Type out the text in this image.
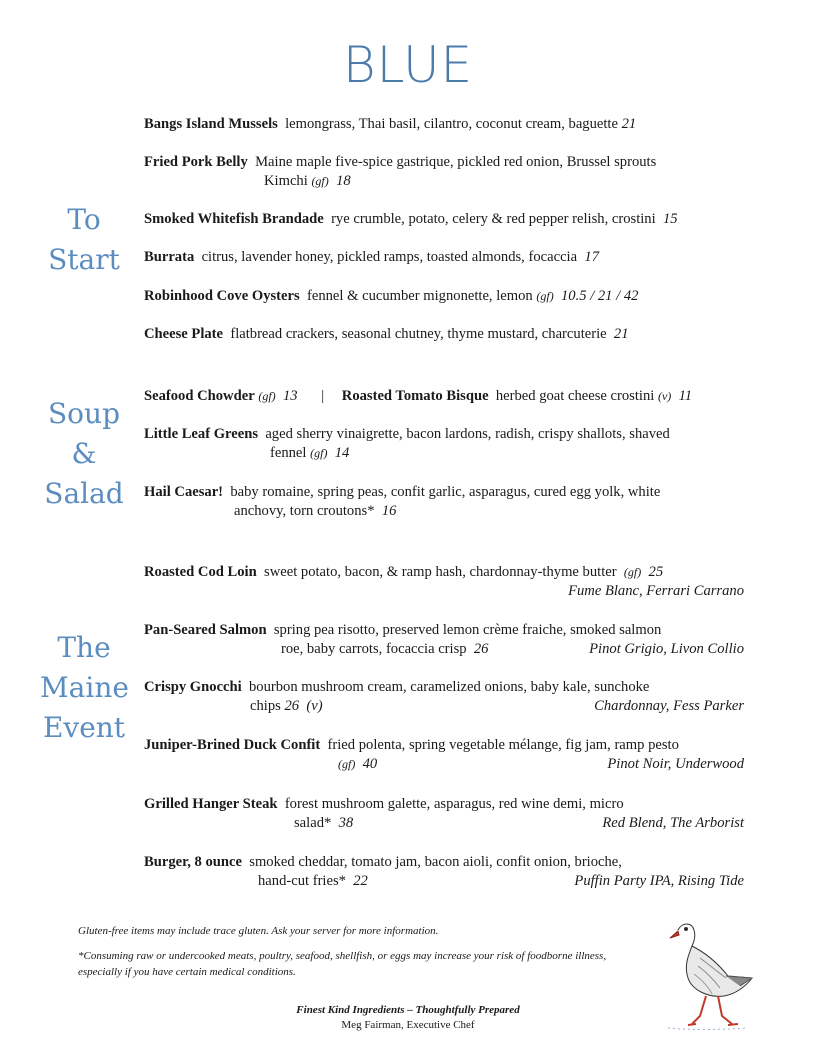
BLUE
To
Start
Soup
&
Salad
The
Maine
Event
Bangs Island Mussels lemongrass, Thai basil, cilantro, coconut cream, baguette 21
Fried Pork Belly Maine maple five-spice gastrique, pickled red onion, Brussel sprouts
Kimchi (gf) 18
Smoked Whitefish Brandade rye crumble, potato, celery & red pepper relish, crostini 15
Burrata citrus, lavender honey, pickled ramps, toasted almonds, focaccia 17
Robinhood Cove Oysters fennel & cucumber mignonette, lemon (gf) 10.5 / 21 / 42
Cheese Plate flatbread crackers, seasonal chutney, thyme mustard, charcuterie 21
Seafood Chowder (gf) 13 | Roasted Tomato Bisque herbed goat cheese crostini (v) 11
Little Leaf Greens aged sherry vinaigrette, bacon lardons, radish, crispy shallots, shaved
fennel (gf) 14
Hail Caesar! baby romaine, spring peas, confit garlic, asparagus, cured egg yolk, white
anchovy, torn croutons* 16
Roasted Cod Loin sweet potato, bacon, & ramp hash, chardonnay-thyme butter (gf) 25
Fume Blanc, Ferrari Carrano
Pan-Seared Salmon spring pea risotto, preserved lemon crème fraiche, smoked salmon
roe, baby carrots, focaccia crisp 26	Pinot Grigio, Livon Collio
Crispy Gnocchi bourbon mushroom cream, caramelized onions, baby kale, sunchoke
chips 26 (v)	Chardonnay, Fess Parker
Juniper-Brined Duck Confit fried polenta, spring vegetable mélange, fig jam, ramp pesto
(gf) 40	Pinot Noir, Underwood
Grilled Hanger Steak forest mushroom galette, asparagus, red wine demi, micro
salad* 38	Red Blend, The Arborist
Burger, 8 ounce smoked cheddar, tomato jam, bacon aioli, confit onion, brioche,
hand-cut fries* 22	Puffin Party IPA, Rising Tide
Gluten-free items may include trace gluten. Ask your server for more information.
*Consuming raw or undercooked meats, poultry, seafood, shellfish, or eggs may increase your risk of foodborne illness, especially if you have certain medical conditions.
Finest Kind Ingredients – Thoughtfully Prepared
Meg Fairman, Executive Chef
